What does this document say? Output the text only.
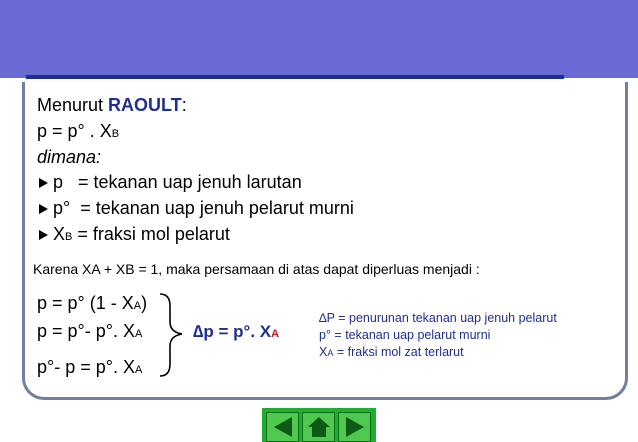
Menurut RAOULT:
p = p° . XB
dimana:
p   = tekanan uap jenuh larutan
p°  = tekanan uap jenuh pelarut murni
XB = fraksi mol pelarut
Karena XA + XB = 1, maka persamaan di atas dapat diperluas menjadi :
p = p° (1 - XA)
p = p°- p°. XA
p°- p = p°. XA
∆p = p°. XA
∆P = penurunan tekanan uap jenuh pelarut
p° = tekanan uap pelarut murni
XA = fraksi mol zat terlarut
